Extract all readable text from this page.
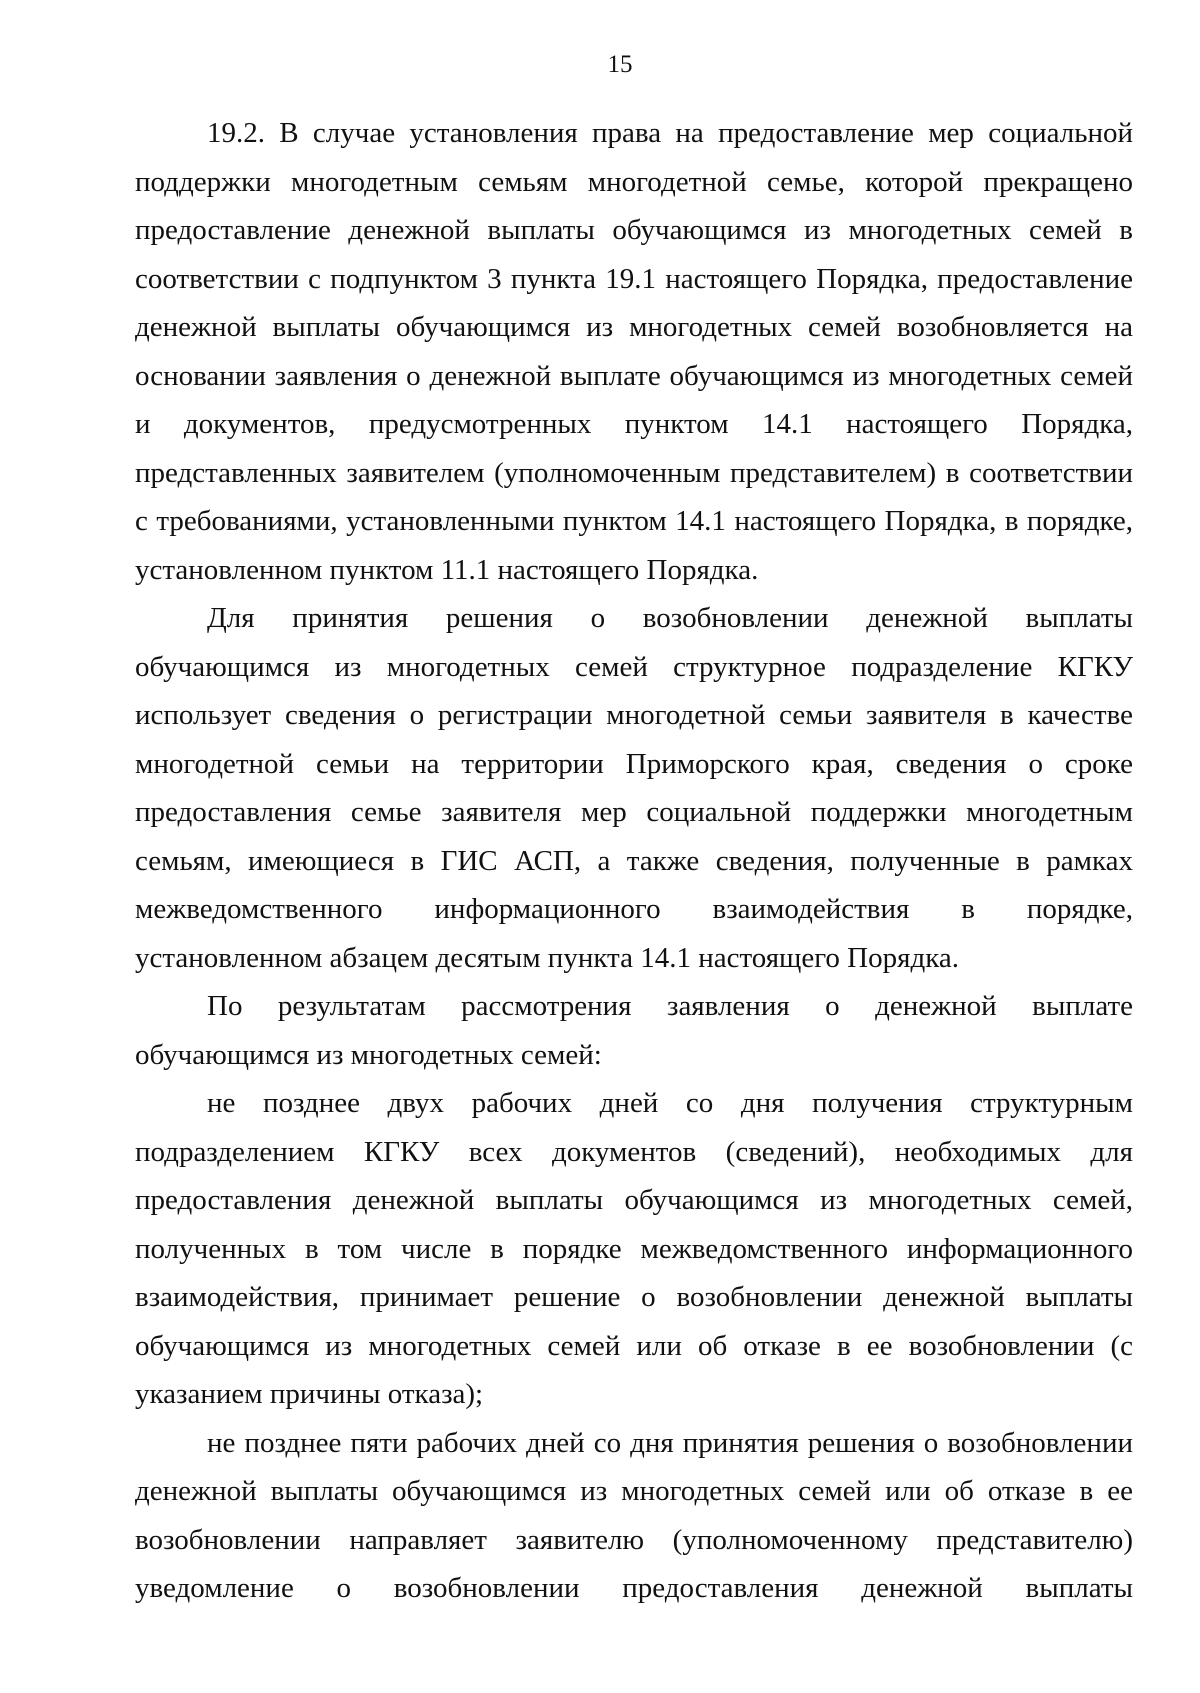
15
19.2. В случае установления права на предоставление мер социальной
поддержки многодетным семьям многодетной семье, которой прекращено
предоставление денежной выплаты обучающимся из многодетных семей в
соответствии с подпунктом 3 пункта 19.1 настоящего Порядка, предоставление
денежной выплаты обучающимся из многодетных семей возобновляется на
основании заявления о денежной выплате обучающимся из многодетных семей
и документов, предусмотренных пунктом 14.1 настоящего Порядка,
представленных заявителем (уполномоченным представителем) в соответствии
с требованиями, установленными пунктом 14.1 настоящего Порядка, в порядке,
установленном пунктом 11.1 настоящего Порядка.
Для принятия решения о возобновлении денежной выплаты
обучающимся из многодетных семей структурное подразделение КГКУ
использует сведения о регистрации многодетной семьи заявителя в качестве
многодетной семьи на территории Приморского края, сведения о сроке
предоставления семье заявителя мер социальной поддержки многодетным
семьям, имеющиеся в ГИС АСП, а также сведения, полученные в рамках
межведомственного информационного взаимодействия в порядке,
установленном абзацем десятым пункта 14.1 настоящего Порядка.
По результатам рассмотрения заявления о денежной выплате
обучающимся из многодетных семей:
не позднее двух рабочих дней со дня получения структурным
подразделением КГКУ всех документов (сведений), необходимых для
предоставления денежной выплаты обучающимся из многодетных семей,
полученных в том числе в порядке межведомственного информационного
взаимодействия, принимает решение о возобновлении денежной выплаты
обучающимся из многодетных семей или об отказе в ее возобновлении (с
указанием причины отказа);
не позднее пяти рабочих дней со дня принятия решения о возобновлении
денежной выплаты обучающимся из многодетных семей или об отказе в ее
возобновлении направляет заявителю (уполномоченному представителю)
уведомление о возобновлении предоставления денежной выплаты
